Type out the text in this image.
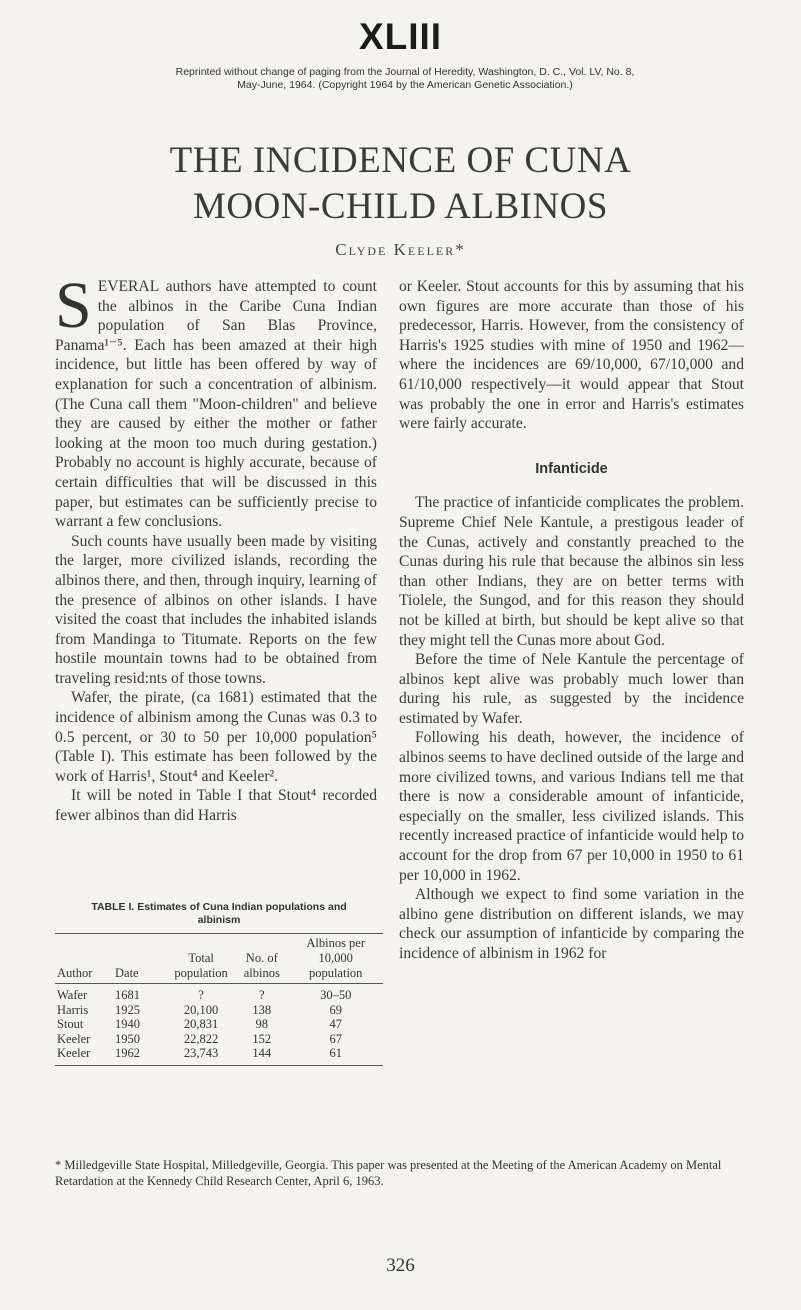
XLIII
Reprinted without change of paging from the Journal of Heredity, Washington, D. C., Vol. LV, No. 8,
May-June, 1964. (Copyright 1964 by the American Genetic Association.)
THE INCIDENCE OF CUNA
MOON-CHILD ALBINOS
Clyde Keeler*

SEVERAL authors have attempted to count the albinos in the Caribe Cuna Indian population of San Blas Province, Panama¹⁻⁵. Each has been amazed at their high incidence, but little has been offered by way of explanation for such a concentration of albinism. (The Cuna call them "Moon-children" and believe they are caused by either the mother or father looking at the moon too much during gestation.) Probably no account is highly accurate, because of certain difficulties that will be discussed in this paper, but estimates can be sufficiently precise to warrant a few conclusions.

Such counts have usually been made by visiting the larger, more civilized islands, recording the albinos there, and then, through inquiry, learning of the presence of albinos on other islands. I have visited the coast that includes the inhabited islands from Mandinga to Titumate. Reports on the few hostile mountain towns had to be obtained from traveling resid:nts of those towns.

Wafer, the pirate, (ca 1681) estimated that the incidence of albinism among the Cunas was 0.3 to 0.5 percent, or 30 to 50 per 10,000 population⁵ (Table I). This estimate has been followed by the work of Harris¹, Stout⁴ and Keeler².

It will be noted in Table I that Stout⁴ recorded fewer albinos than did Harris

TABLE I. Estimates of Cuna Indian populations and
albinism
Author	Date	Total population	No. of albinos	Albinos per 10,000 population
Wafer	1681	?	?	30–50
Harris	1925	20,100	138	69
Stout	1940	20,831	98	47
Keeler	1950	22,822	152	67
Keeler	1962	23,743	144	61

or Keeler. Stout accounts for this by assuming that his own figures are more accurate than those of his predecessor, Harris. However, from the consistency of Harris's 1925 studies with mine of 1950 and 1962—where the incidences are 69/10,000, 67/10,000 and 61/10,000 respectively—it would appear that Stout was probably the one in error and Harris's estimates were fairly accurate.

Infanticide

The practice of infanticide complicates the problem. Supreme Chief Nele Kantule, a prestigous leader of the Cunas, actively and constantly preached to the Cunas during his rule that because the albinos sin less than other Indians, they are on better terms with Tiolele, the Sungod, and for this reason they should not be killed at birth, but should be kept alive so that they might tell the Cunas more about God.

Before the time of Nele Kantule the percentage of albinos kept alive was probably much lower than during his rule, as suggested by the incidence estimated by Wafer.

Following his death, however, the incidence of albinos seems to have declined outside of the large and more civilized towns, and various Indians tell me that there is now a considerable amount of infanticide, especially on the smaller, less civilized islands. This recently increased practice of infanticide would help to account for the drop from 67 per 10,000 in 1950 to 61 per 10,000 in 1962.

Although we expect to find some variation in the albino gene distribution on different islands, we may check our assumption of infanticide by comparing the incidence of albinism in 1962 for

* Milledgeville State Hospital, Milledgeville, Georgia. This paper was presented at the Meeting of the American Academy on Mental Retardation at the Kennedy Child Research Center, April 6, 1963.
326
